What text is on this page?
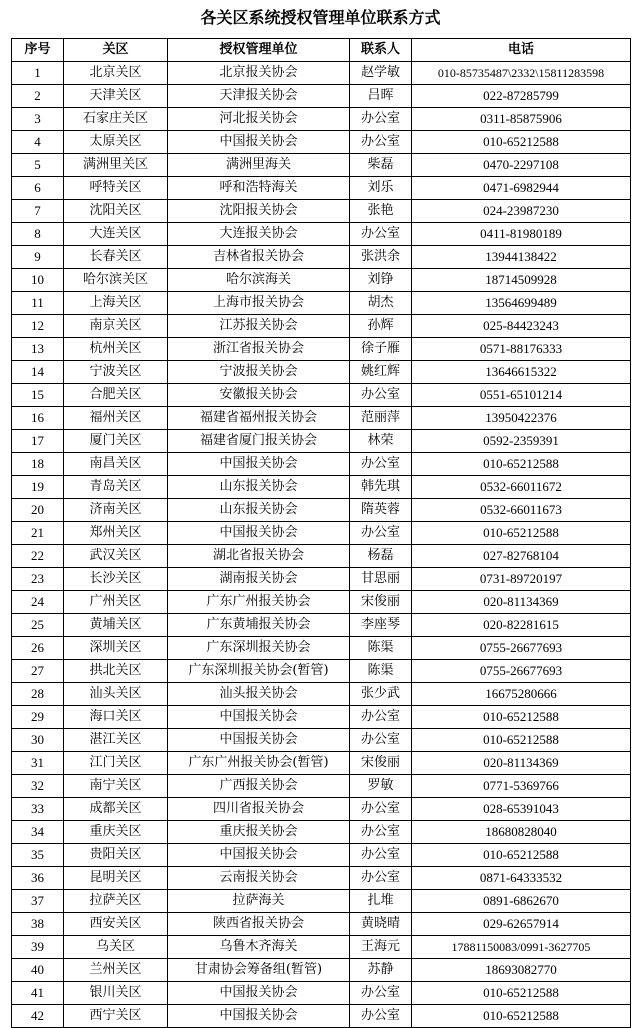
各关区系统授权管理单位联系方式
序号	关区	授权管理单位	联系人	电话
1	北京关区	北京报关协会	赵学敏	010-85735487\2332\15811283598
2	天津关区	天津报关协会	吕晖	022-87285799
3	石家庄关区	河北报关协会	办公室	0311-85875906
4	太原关区	中国报关协会	办公室	010-65212588
5	满洲里关区	满洲里海关	柴磊	0470-2297108
6	呼特关区	呼和浩特海关	刘乐	0471-6982944
7	沈阳关区	沈阳报关协会	张艳	024-23987230
8	大连关区	大连报关协会	办公室	0411-81980189
9	长春关区	吉林省报关协会	张洪余	13944138422
10	哈尔滨关区	哈尔滨海关	刘铮	18714509928
11	上海关区	上海市报关协会	胡杰	13564699489
12	南京关区	江苏报关协会	孙辉	025-84423243
13	杭州关区	浙江省报关协会	徐子雁	0571-88176333
14	宁波关区	宁波报关协会	姚红辉	13646615322
15	合肥关区	安徽报关协会	办公室	0551-65101214
16	福州关区	福建省福州报关协会	范丽萍	13950422376
17	厦门关区	福建省厦门报关协会	林荣	0592-2359391
18	南昌关区	中国报关协会	办公室	010-65212588
19	青岛关区	山东报关协会	韩先琪	0532-66011672
20	济南关区	山东报关协会	隋英蓉	0532-66011673
21	郑州关区	中国报关协会	办公室	010-65212588
22	武汉关区	湖北省报关协会	杨磊	027-82768104
23	长沙关区	湖南报关协会	甘思丽	0731-89720197
24	广州关区	广东广州报关协会	宋俊丽	020-81134369
25	黄埔关区	广东黄埔报关协会	李座琴	020-82281615
26	深圳关区	广东深圳报关协会	陈渠	0755-26677693
27	拱北关区	广东深圳报关协会(暂管)	陈渠	0755-26677693
28	汕头关区	汕头报关协会	张少武	16675280666
29	海口关区	中国报关协会	办公室	010-65212588
30	湛江关区	中国报关协会	办公室	010-65212588
31	江门关区	广东广州报关协会(暂管)	宋俊丽	020-81134369
32	南宁关区	广西报关协会	罗敏	0771-5369766
33	成都关区	四川省报关协会	办公室	028-65391043
34	重庆关区	重庆报关协会	办公室	18680828040
35	贵阳关区	中国报关协会	办公室	010-65212588
36	昆明关区	云南报关协会	办公室	0871-64333532
37	拉萨关区	拉萨海关	扎堆	0891-6862670
38	西安关区	陕西省报关协会	黄晓晴	029-62657914
39	乌关区	乌鲁木齐海关	王海元	17881150083/0991-3627705
40	兰州关区	甘肃协会筹备组(暂管)	苏静	18693082770
41	银川关区	中国报关协会	办公室	010-65212588
42	西宁关区	中国报关协会	办公室	010-65212588
